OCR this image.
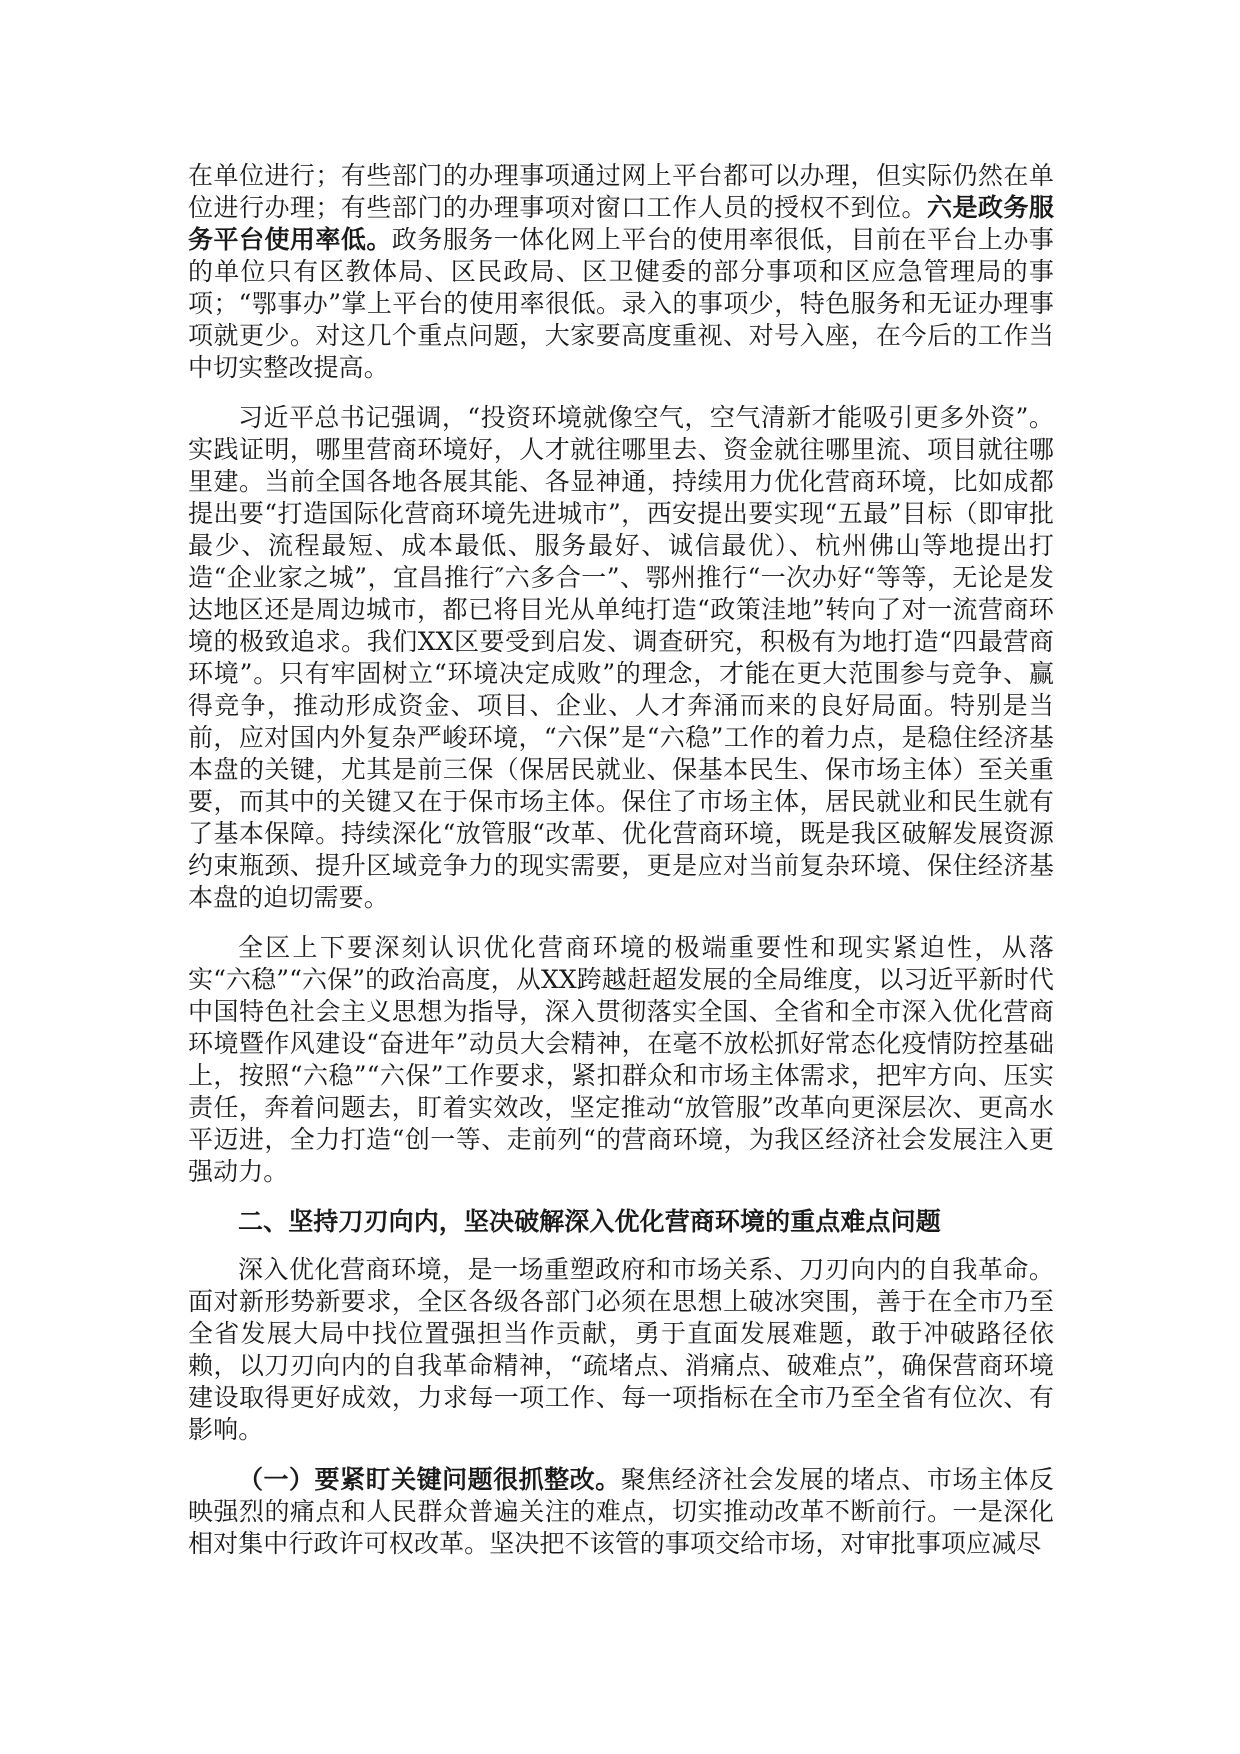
在单位进行；有些部门的办理事项通过网上平台都可以办理，但实际仍然在单位进行办理；有些部门的办理事项对窗口工作人员的授权不到位。六是政务服务平台使用率低。政务服务一体化网上平台的使用率很低，目前在平台上办事的单位只有区教体局、区民政局、区卫健委的部分事项和区应急管理局的事项；“鄂事办”掌上平台的使用率很低。录入的事项少，特色服务和无证办理事项就更少。对这几个重点问题，大家要高度重视、对号入座，在今后的工作当中切实整改提高。

习近平总书记强调，“投资环境就像空气，空气清新才能吸引更多外资”。实践证明，哪里营商环境好，人才就往哪里去、资金就往哪里流、项目就往哪里建。当前全国各地各展其能、各显神通，持续用力优化营商环境，比如成都提出要“打造国际化营商环境先进城市”，西安提出要实现“五最”目标（即审批最少、流程最短、成本最低、服务最好、诚信最优）、杭州佛山等地提出打造“企业家之城”，宜昌推行″六多合一”、鄂州推行“一次办好“等等，无论是发达地区还是周边城市，都已将目光从单纯打造“政策洼地”转向了对一流营商环境的极致追求。我们XX区要受到启发、调查研究，积极有为地打造“四最营商环境”。只有牢固树立“环境决定成败”的理念，才能在更大范围参与竞争、赢得竞争，推动形成资金、项目、企业、人才奔涌而来的良好局面。特别是当前，应对国内外复杂严峻环境，“六保”是“六稳”工作的着力点，是稳住经济基本盘的关键，尤其是前三保（保居民就业、保基本民生、保市场主体）至关重要，而其中的关键又在于保市场主体。保住了市场主体，居民就业和民生就有了基本保障。持续深化“放管服“改革、优化营商环境，既是我区破解发展资源约束瓶颈、提升区域竞争力的现实需要，更是应对当前复杂环境、保住经济基本盘的迫切需要。

全区上下要深刻认识优化营商环境的极端重要性和现实紧迫性，从落实“六稳”“六保”的政治高度，从XX跨越赶超发展的全局维度，以习近平新时代中国特色社会主义思想为指导，深入贯彻落实全国、全省和全市深入优化营商环境暨作风建设“奋进年”动员大会精神，在毫不放松抓好常态化疫情防控基础上，按照“六稳”“六保”工作要求，紧扣群众和市场主体需求，把牢方向、压实责任，奔着问题去，盯着实效改，坚定推动“放管服”改革向更深层次、更高水平迈进，全力打造“创一等、走前列“的营商环境，为我区经济社会发展注入更强动力。

二、坚持刀刃向内，坚决破解深入优化营商环境的重点难点问题

深入优化营商环境，是一场重塑政府和市场关系、刀刃向内的自我革命。面对新形势新要求，全区各级各部门必须在思想上破冰突围，善于在全市乃至全省发展大局中找位置强担当作贡献，勇于直面发展难题，敢于冲破路径依赖，以刀刃向内的自我革命精神，“疏堵点、消痛点、破难点”，确保营商环境建设取得更好成效，力求每一项工作、每一项指标在全市乃至全省有位次、有影响。

（一）要紧盯关键问题很抓整改。聚焦经济社会发展的堵点、市场主体反映强烈的痛点和人民群众普遍关注的难点，切实推动改革不断前行。一是深化相对集中行政许可权改革。坚决把不该管的事项交给市场，对审批事项应减尽
